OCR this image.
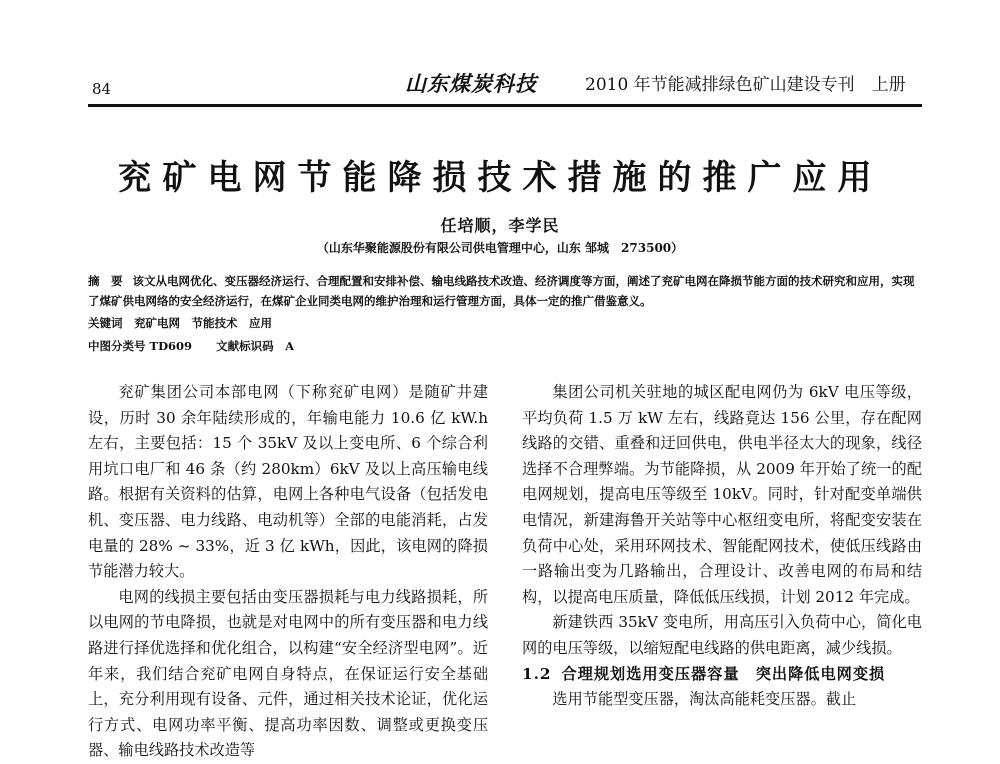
84	山东煤炭科技	2010 年节能减排绿色矿山建设专刊　上册
兖矿电网节能降损技术措施的推广应用
任培顺，李学民
（山东华聚能源股份有限公司供电管理中心，山东 邹城　273500）

摘　要 该文从电网优化、变压器经济运行、合理配置和安排补偿、输电线路技术改造、经济调度等方面，阐述了兖矿电网在降损节能方面的技术研究和应用，实现了煤矿供电网络的安全经济运行，在煤矿企业同类电网的维护治理和运行管理方面，具体一定的推广借鉴意义。

关键词　 兖矿电网　节能技术　应用
中图分类号 TD609 文献标识码　 A

兖矿集团公司本部电网（下称兖矿电网）是随矿井建设，历时 30 余年陆续形成的，年输电能力 10.6 亿 kW.h 左右，主要包括：15 个 35kV 及以上变电所、6 个综合利用坑口电厂和 46 条（约 280km）6kV 及以上高压输电线路。根据有关资料的估算，电网上各种电气设备（包括发电机、变压器、电力线路、电动机等）全部的电能消耗，占发电量的 28% ~ 33%，近 3 亿 kWh，因此，该电网的降损节能潜力较大。

电网的线损主要包括由变压器损耗与电力线路损耗，所以电网的节电降损，也就是对电网中的所有变压器和电力线路进行择优选择和优化组合，以构建“安全经济型电网”。近年来，我们结合兖矿电网自身特点，在保证运行安全基础上，充分利用现有设备、元件，通过相关技术论证，优化运行方式、电网功率平衡、提高功率因数、调整或更换变压器、输电线路技术改造等

集团公司机关驻地的城区配电网仍为 6kV 电压等级，平均负荷 1.5 万 kW 左右，线路竟达 156 公里，存在配网线路的交错、重叠和迂回供电，供电半径太大的现象，线径选择不合理弊端。为节能降损，从 2009 年开始了统一的配电网规划，提高电压等级至 10kV。同时，针对配变单端供电情况，新建海鲁开关站等中心枢纽变电所，将配变安装在负荷中心处，采用环网技术、智能配网技术，使低压线路由一路输出变为几路输出，合理设计、改善电网的布局和结构，以提高电压质量，降低低压线损，计划 2012 年完成。

新建铁西 35kV 变电所，用高压引入负荷中心，简化电网的电压等级，以缩短配电线路的供电距离，减少线损。

1.2 合理规划选用变压器容量　突出降低电网变损

选用节能型变压器，淘汰高能耗变压器。截止
